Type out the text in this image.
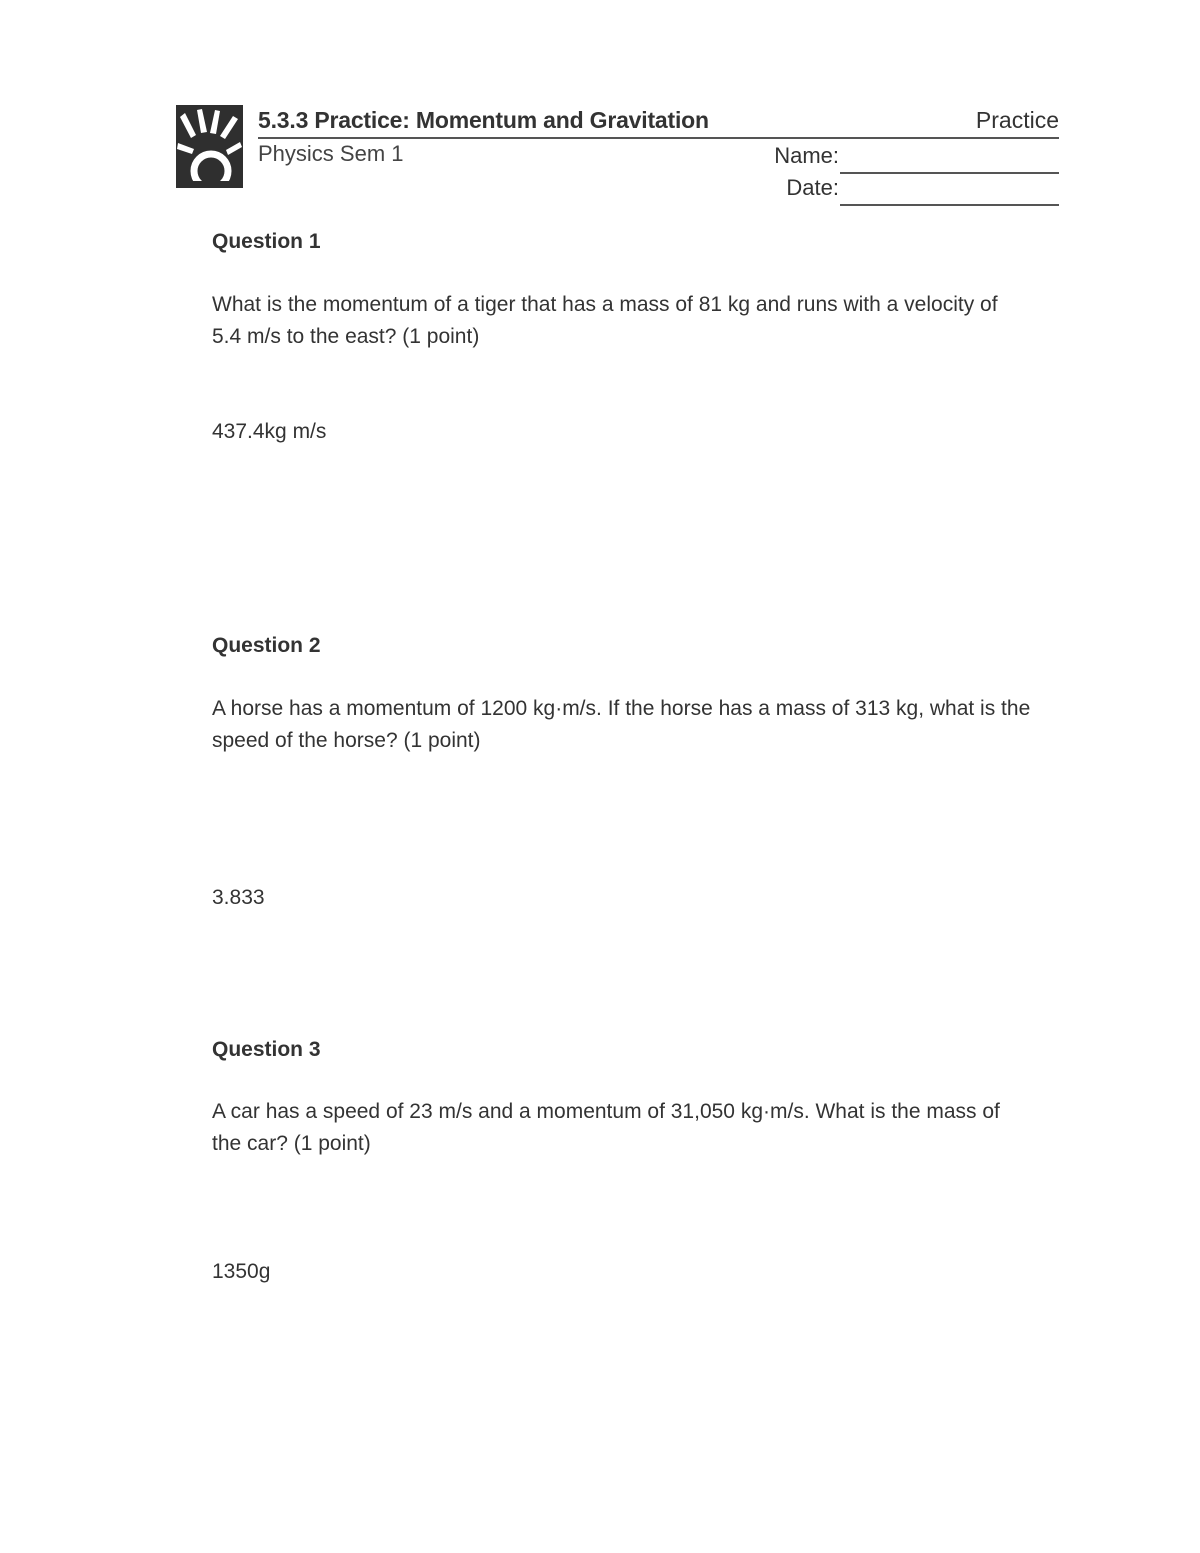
5.3.3 Practice: Momentum and Gravitation	Practice
Physics Sem 1	Name:
Date:

Question 1

What is the momentum of a tiger that has a mass of 81 kg and runs with a velocity of 5.4 m/s to the east? (1 point)

437.4kg m/s

Question 2

A horse has a momentum of 1200 kg·m/s. If the horse has a mass of 313 kg, what is the speed of the horse? (1 point)

3.833

Question 3

A car has a speed of 23 m/s and a momentum of 31,050 kg·m/s. What is the mass of the car? (1 point)

1350g
